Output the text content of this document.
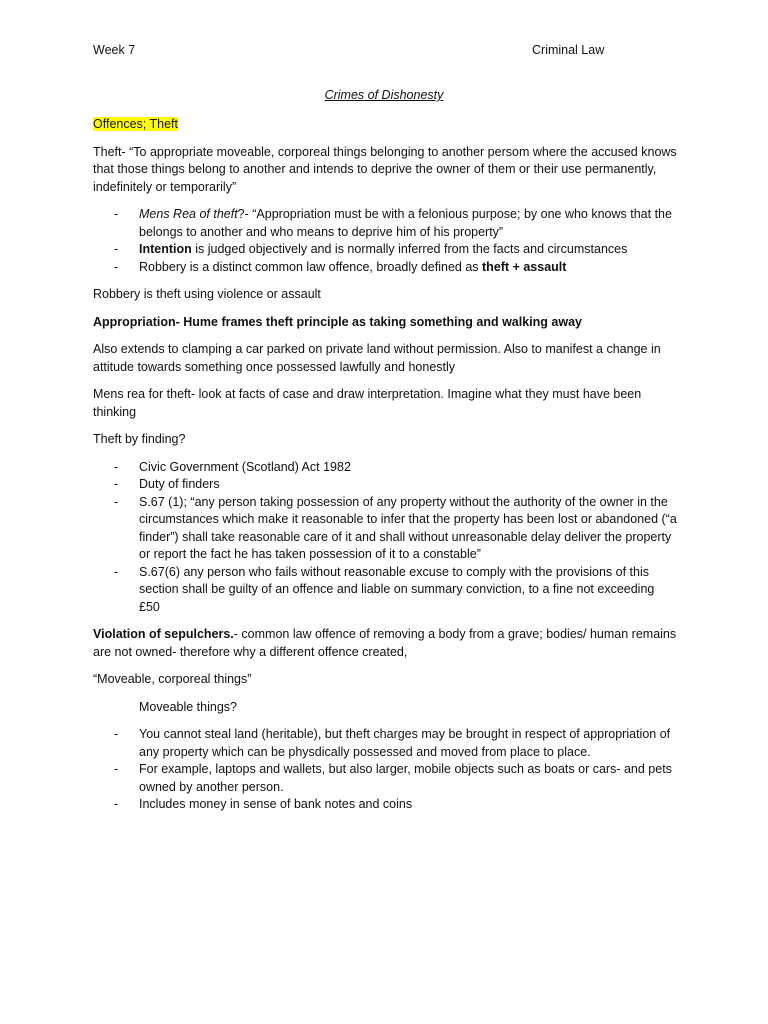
Week 7	Criminal Law
Crimes of Dishonesty

Offences; Theft

Theft- “To appropriate moveable, corporeal things belonging to another persom where the accused knows that those things belong to another and intends to deprive the owner of them or their use permanently, indefinitely or temporarily”

- Mens Rea of theft?- “Appropriation must be with a felonious purpose; by one who knows that the belongs to another and who means to deprive him of his property”
- Intention is judged objectively and is normally inferred from the facts and circumstances
- Robbery is a distinct common law offence, broadly defined as theft + assault

Robbery is theft using violence or assault

Appropriation- Hume frames theft principle as taking something and walking away

Also extends to clamping a car parked on private land without permission. Also to manifest a change in attitude towards something once possessed lawfully and honestly

Mens rea for theft- look at facts of case and draw interpretation. Imagine what they must have been thinking

Theft by finding?

- Civic Government (Scotland) Act 1982
- Duty of finders
- S.67 (1); “any person taking possession of any property without the authority of the owner in the circumstances which make it reasonable to infer that the property has been lost or abandoned (“a finder”) shall take reasonable care of it and shall without unreasonable delay deliver the property or report the fact he has taken possession of it to a constable”
- S.67(6) any person who fails without reasonable excuse to comply with the provisions of this section shall be guilty of an offence and liable on summary conviction, to a fine not exceeding £50

Violation of sepulchers.- common law offence of removing a body from a grave; bodies/ human remains are not owned- therefore why a different offence created,

“Moveable, corporeal things”

Moveable things?

- You cannot steal land (heritable), but theft charges may be brought in respect of appropriation of any property which can be physdically possessed and moved from place to place.
- For example, laptops and wallets, but also larger, mobile objects such as boats or cars- and pets owned by another person.
- Includes money in sense of bank notes and coins
